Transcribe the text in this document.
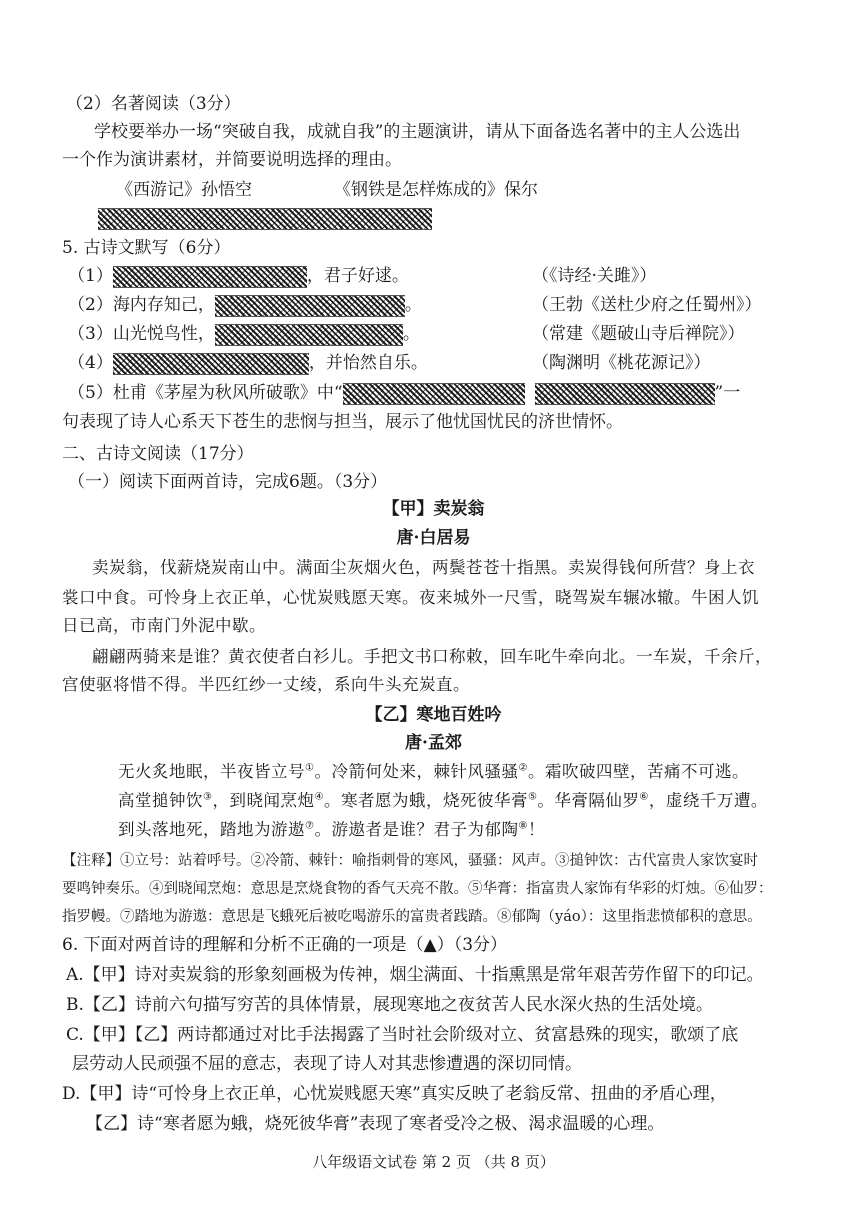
（2）名著阅读（3分）
学校要举办一场“突破自我，成就自我”的主题演讲，请从下面备选名著中的主人公选出
一个作为演讲素材，并简要说明选择的理由。
《西游记》孙悟空	《钢铁是怎样炼成的》保尔
5. 古诗文默写（6分）
（1）	，君子好逑。	（《诗经·关雎》）
（2）海内存知己，	。	（王勃《送杜少府之任蜀州》）
（3）山光悦鸟性，	。	（常建《题破山寺后禅院》）
（4）	，并怡然自乐。	（陶渊明《桃花源记》）
（5）杜甫《茅屋为秋风所破歌》中“	”一
句表现了诗人心系天下苍生的悲悯与担当，展示了他忧国忧民的济世情怀。
二、古诗文阅读（17分）
（一）阅读下面两首诗，完成6题。（3分）
【甲】卖炭翁
唐·白居易
卖炭翁，伐薪烧炭南山中。满面尘灰烟火色，两鬓苍苍十指黑。卖炭得钱何所营？身上衣
裳口中食。可怜身上衣正单，心忧炭贱愿天寒。夜来城外一尺雪，晓驾炭车辗冰辙。牛困人饥
日已高，市南门外泥中歇。
翩翩两骑来是谁？黄衣使者白衫儿。手把文书口称敕，回车叱牛牵向北。一车炭，千余斤，
宫使驱将惜不得。半匹红纱一丈绫，系向牛头充炭直。
【乙】寒地百姓吟
唐·孟郊
无火炙地眠，半夜皆立号①。冷箭何处来，棘针风骚骚②。霜吹破四壁，苦痛不可逃。
高堂搥钟饮③，到晓闻烹炮④。寒者愿为蛾，烧死彼华膏⑤。华膏隔仙罗⑥，虚绕千万遭。
到头落地死，踏地为游遨⑦。游遨者是谁？君子为郁陶⑧！
【注释】①立号：站着呼号。②冷箭、棘针：喻指刺骨的寒风，骚骚：风声。③搥钟饮：古代富贵人家饮宴时
要鸣钟奏乐。④到晓闻烹炮：意思是烹烧食物的香气天亮不散。⑤华膏：指富贵人家饰有华彩的灯烛。⑥仙罗：
指罗幔。⑦踏地为游遨：意思是飞蛾死后被吃喝游乐的富贵者践踏。⑧郁陶（yáo）：这里指悲愤郁积的意思。
6. 下面对两首诗的理解和分析不正确的一项是（▲）（3分）
A.【甲】诗对卖炭翁的形象刻画极为传神，烟尘满面、十指熏黑是常年艰苦劳作留下的印记。
B.【乙】诗前六句描写穷苦的具体情景，展现寒地之夜贫苦人民水深火热的生活处境。
C.【甲】【乙】两诗都通过对比手法揭露了当时社会阶级对立、贫富悬殊的现实，歌颂了底
层劳动人民顽强不屈的意志，表现了诗人对其悲惨遭遇的深切同情。
D.【甲】诗“可怜身上衣正单，心忧炭贱愿天寒”真实反映了老翁反常、扭曲的矛盾心理，
【乙】诗“寒者愿为蛾，烧死彼华膏”表现了寒者受冷之极、渴求温暖的心理。
八年级语文试卷 第 2 页 （共 8 页）
